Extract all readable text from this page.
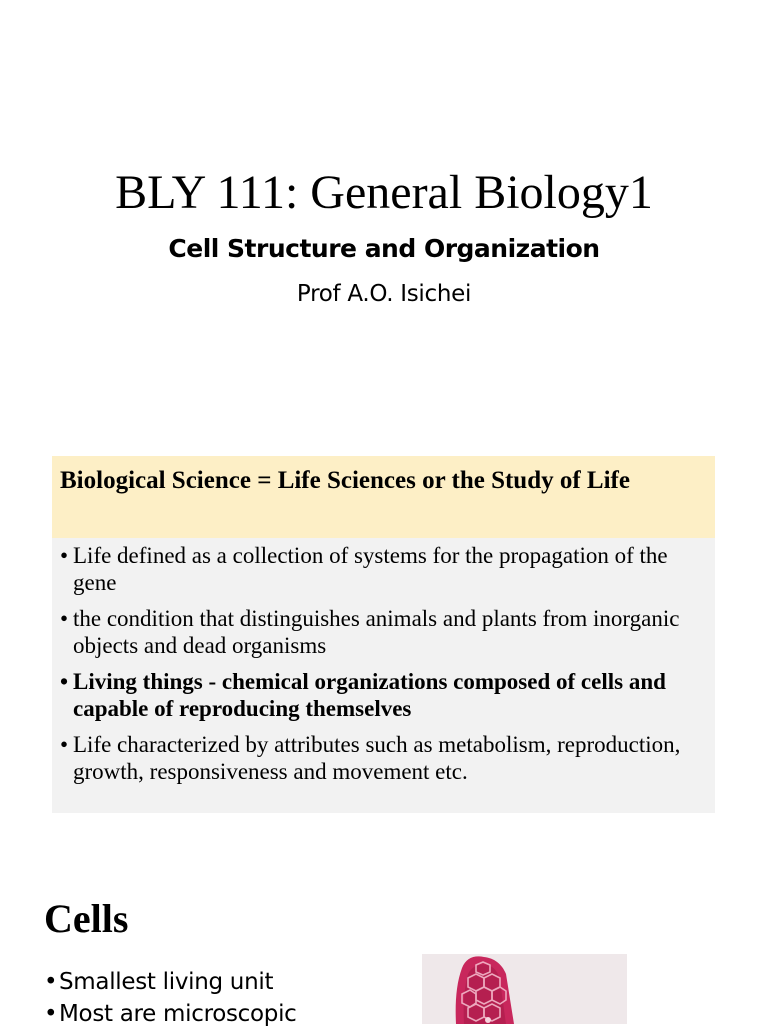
BLY 111: General Biology1
Cell Structure and Organization
Prof A.O. Isichei
Biological Science = Life Sciences or the Study of Life
• Life defined as a collection of systems for the propagation of the gene
• the condition that distinguishes animals and plants from inorganic objects and dead organisms
• Living things - chemical organizations composed of cells and capable of reproducing themselves
• Life characterized by attributes such as metabolism, reproduction, growth, responsiveness and movement etc.
Cells
• Smallest living unit
• Most are microscopic
